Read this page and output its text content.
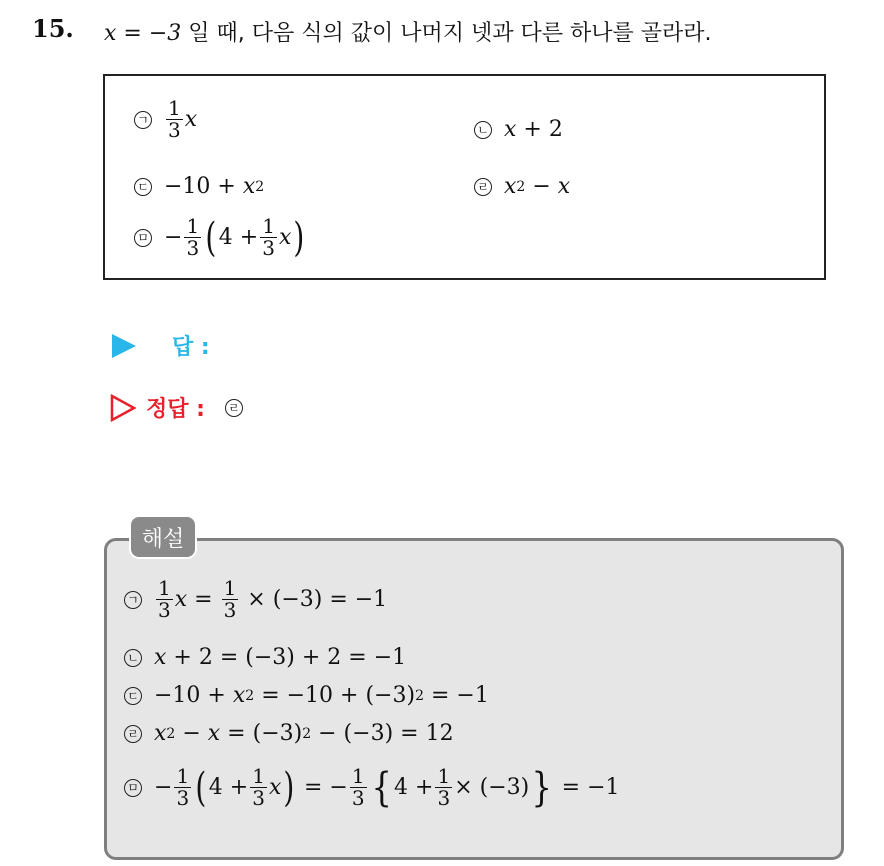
15. x = −3 일 때, 다음 식의 값이 나머지 넷과 다른 하나를 골라라.
ㄱ $\frac{1}{3}$ x	ㄴ x + 2
ㄷ −10 + x 2	ㄹ x 2 − x
ㅁ − $\frac{1}{3}$ ( $4 + \frac{1}{3}$ x )
답 :
정답 : ㄹ
해설
ㄱ $\frac{1}{3}$ $x = \frac{1}{3} \times (-3) = -1$
ㄴ x + 2 = (−3) + 2 = −1
ㄷ −10 + x 2 = −10 + (−3) 2 = −1
ㄹ x 2 − x = (−3) 2 − (−3) = 12
ㅁ − $\frac{1}{3}$ ( $4 + \frac{1}{3}$ x ) = − $\frac{1}{3}$ { $4 + \frac{1}{3} \times (-3)$ } = −1
